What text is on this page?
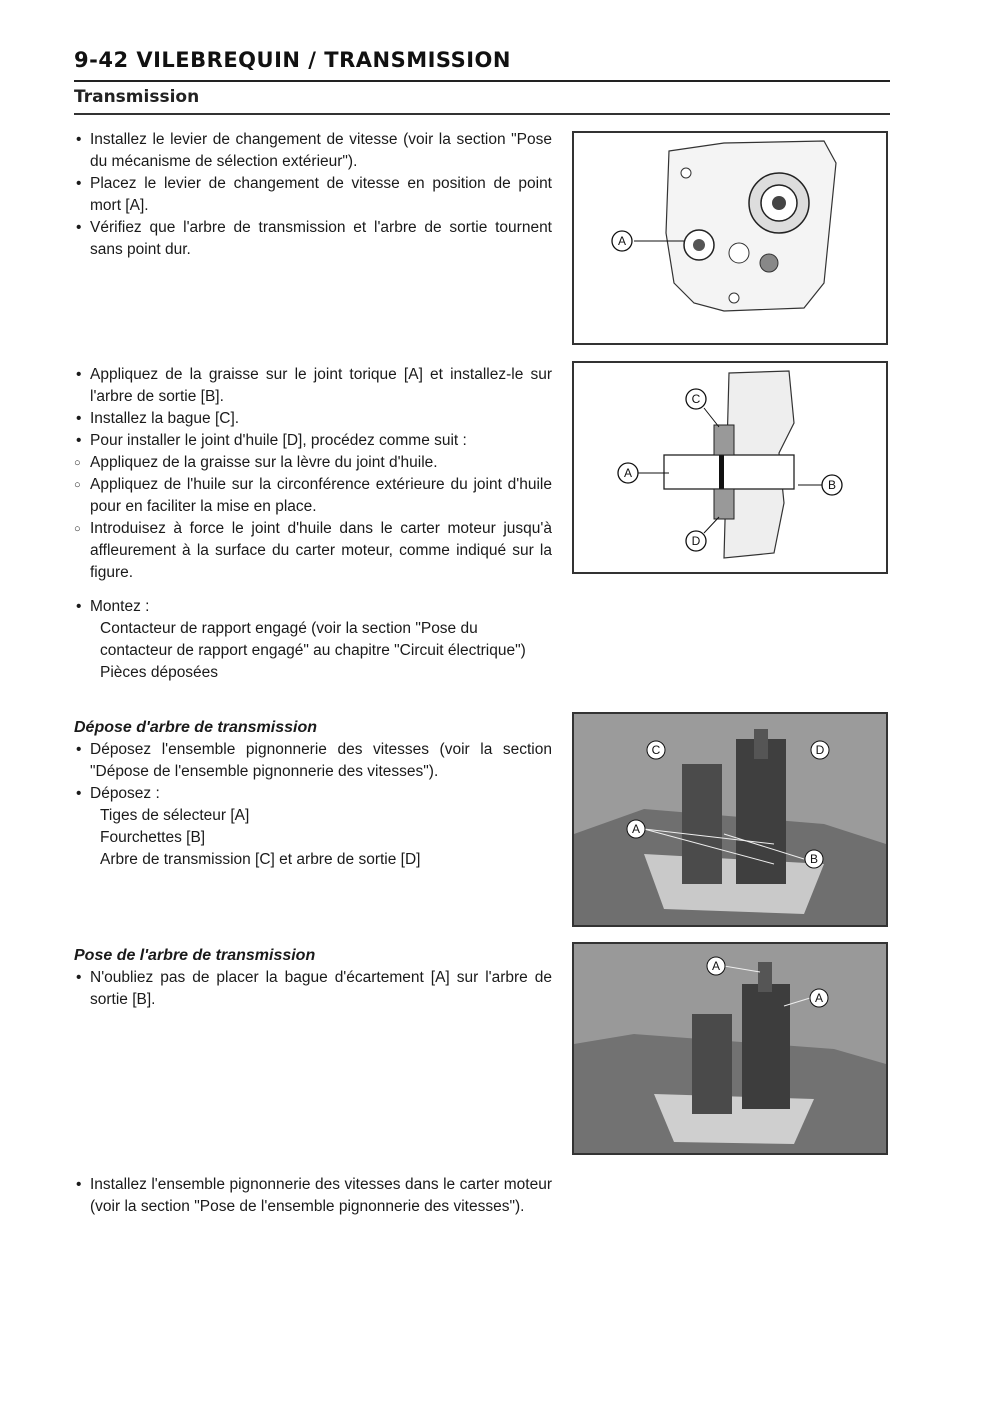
9-42 VILEBREQUIN / TRANSMISSION
Transmission

• Installez le levier de changement de vitesse (voir la section "Pose du mécanisme de sélection extérieur").

• Placez le levier de changement de vitesse en position de point mort [A].

• Vérifiez que l'arbre de transmission et l'arbre de sortie tournent sans point dur.

• Appliquez de la graisse sur le joint torique [A] et installez-le sur l'arbre de sortie [B].

• Installez la bague [C].

• Pour installer le joint d'huile [D], procédez comme suit :

○ Appliquez de la graisse sur la lèvre du joint d'huile.

○ Appliquez de l'huile sur la circonférence extérieure du joint d'huile pour en faciliter la mise en place.

○ Introduisez à force le joint d'huile dans le carter moteur jusqu'à affleurement à la surface du carter moteur, comme indiqué sur la figure.

• Montez :

Contacteur de rapport engagé (voir la section "Pose du contacteur de rapport engagé" au chapitre "Circuit électrique")

Pièces déposées

Dépose d'arbre de transmission

• Déposez l'ensemble pignonnerie des vitesses (voir la section "Dépose de l'ensemble pignonnerie des vitesses").

• Déposez :

Tiges de sélecteur [A]

Fourchettes [B]

Arbre de transmission [C] et arbre de sortie [D]

Pose de l'arbre de transmission

• N'oubliez pas de placer la bague d'écartement [A] sur l'arbre de sortie [B].

• Installez l'ensemble pignonnerie des vitesses dans le carter moteur (voir la section "Pose de l'ensemble pignonnerie des vitesses").

A
A
B
C
D
C	D
A
B
A
A
